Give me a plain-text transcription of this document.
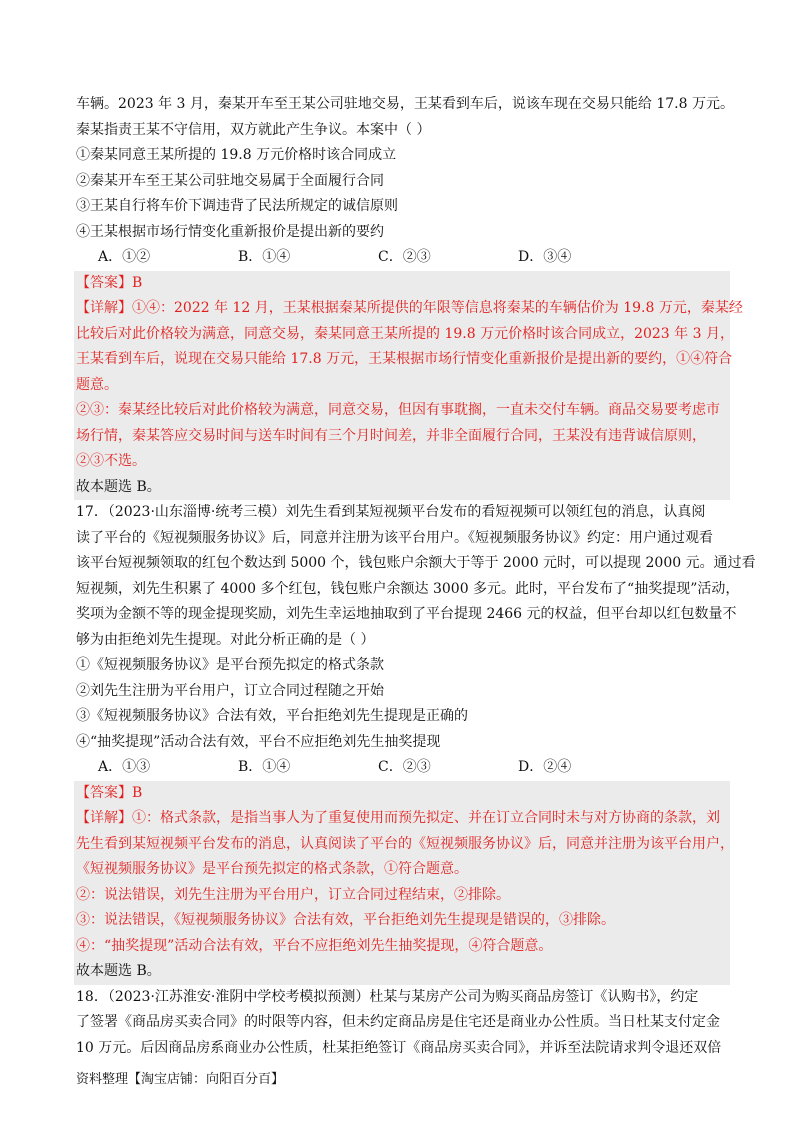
车辆。2023 年 3 月，秦某开车至王某公司驻地交易，王某看到车后，说该车现在交易只能给 17.8 万元。
秦某指责王某不守信用，双方就此产生争议。本案中（ ）
①秦某同意王某所提的 19.8 万元价格时该合同成立
②秦某开车至王某公司驻地交易属于全面履行合同
③王某自行将车价下调违背了民法所规定的诚信原则
④王某根据市场行情变化重新报价是提出新的要约
A．①②	B．①④	C．②③	D．③④
【答案】B
【详解】①④：2022 年 12 月，王某根据秦某所提供的年限等信息将秦某的车辆估价为 19.8 万元，秦某经
比较后对此价格较为满意，同意交易，秦某同意王某所提的 19.8 万元价格时该合同成立，2023 年 3 月，
王某看到车后，说现在交易只能给 17.8 万元，王某根据市场行情变化重新报价是提出新的要约，①④符合
题意。
②③：秦某经比较后对此价格较为满意，同意交易，但因有事耽搁，一直未交付车辆。商品交易要考虑市
场行情，秦某答应交易时间与送车时间有三个月时间差，并非全面履行合同，王某没有违背诚信原则，
②③不选。
故本题选 B。
17．（2023·山东淄博·统考三模）刘先生看到某短视频平台发布的看短视频可以领红包的消息，认真阅
读了平台的《短视频服务协议》后，同意并注册为该平台用户。《短视频服务协议》约定：用户通过观看
该平台短视频领取的红包个数达到 5000 个，钱包账户余额大于等于 2000 元时，可以提现 2000 元。通过看
短视频，刘先生积累了 4000 多个红包，钱包账户余额达 3000 多元。此时，平台发布了“抽奖提现”活动，
奖项为金额不等的现金提现奖励，刘先生幸运地抽取到了平台提现 2466 元的权益，但平台却以红包数量不
够为由拒绝刘先生提现。对此分析正确的是（ ）
①《短视频服务协议》是平台预先拟定的格式条款
②刘先生注册为平台用户，订立合同过程随之开始
③《短视频服务协议》合法有效，平台拒绝刘先生提现是正确的
④“抽奖提现”活动合法有效，平台不应拒绝刘先生抽奖提现
A．①③	B．①④	C．②③	D．②④
【答案】B
【详解】①：格式条款，是指当事人为了重复使用而预先拟定、并在订立合同时未与对方协商的条款，刘
先生看到某短视频平台发布的消息，认真阅读了平台的《短视频服务协议》后，同意并注册为该平台用户，
《短视频服务协议》是平台预先拟定的格式条款，①符合题意。
②：说法错误，刘先生注册为平台用户，订立合同过程结束，②排除。
③：说法错误，《短视频服务协议》合法有效，平台拒绝刘先生提现是错误的，③排除。
④：“抽奖提现”活动合法有效，平台不应拒绝刘先生抽奖提现，④符合题意。
故本题选 B。
18．（2023·江苏淮安·淮阴中学校考模拟预测）杜某与某房产公司为购买商品房签订《认购书》，约定
了签署《商品房买卖合同》的时限等内容，但未约定商品房是住宅还是商业办公性质。当日杜某支付定金
10 万元。后因商品房系商业办公性质，杜某拒绝签订《商品房买卖合同》，并诉至法院请求判令退还双倍
资料整理【淘宝店铺：向阳百分百】
